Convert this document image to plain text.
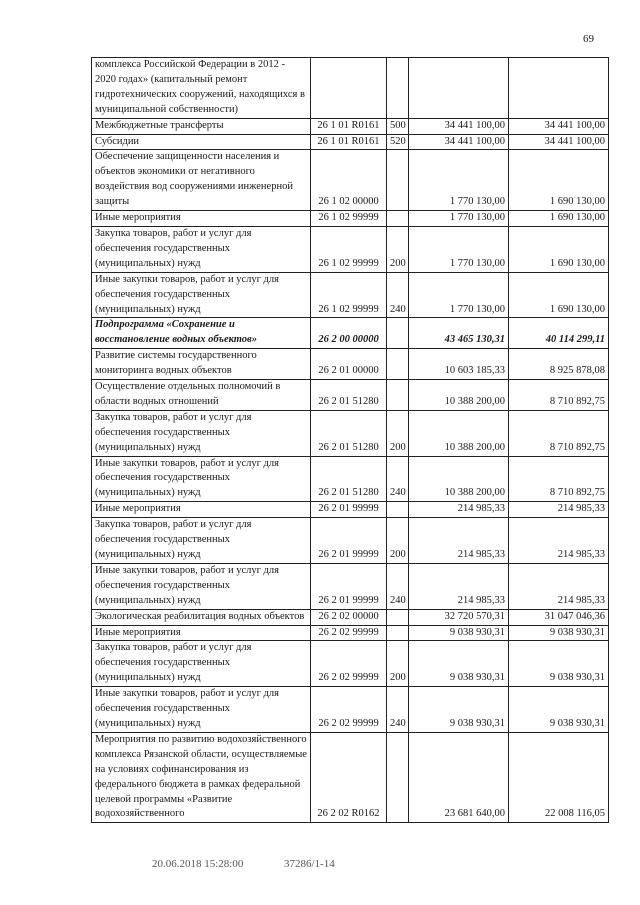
69
комплекса Российской Федерации в 2012 - 2020 годах» (капитальный ремонт гидротехнических сооружений, находящихся в муниципальной собственности)				
Межбюджетные трансферты	26 1 01 R0161	500	34 441 100,00	34 441 100,00
Субсидии	26 1 01 R0161	520	34 441 100,00	34 441 100,00
Обеспечение защищенности населения и объектов экономики от негативного воздействия вод сооружениями инженерной защиты	26 1 02 00000		1 770 130,00	1 690 130,00
Иные мероприятия	26 1 02 99999		1 770 130,00	1 690 130,00
Закупка товаров, работ и услуг для обеспечения государственных (муниципальных) нужд	26 1 02 99999	200	1 770 130,00	1 690 130,00
Иные закупки товаров, работ и услуг для обеспечения государственных (муниципальных) нужд	26 1 02 99999	240	1 770 130,00	1 690 130,00
Подпрограмма «Сохранение и восстановление водных объектов»	26 2 00 00000		43 465 130,31	40 114 299,11
Развитие системы государственного мониторинга водных объектов	26 2 01 00000		10 603 185,33	8 925 878,08
Осуществление отдельных полномочий в области водных отношений	26 2 01 51280		10 388 200,00	8 710 892,75
Закупка товаров, работ и услуг для обеспечения государственных (муниципальных) нужд	26 2 01 51280	200	10 388 200,00	8 710 892,75
Иные закупки товаров, работ и услуг для обеспечения государственных (муниципальных) нужд	26 2 01 51280	240	10 388 200,00	8 710 892,75
Иные мероприятия	26 2 01 99999		214 985,33	214 985,33
Закупка товаров, работ и услуг для обеспечения государственных (муниципальных) нужд	26 2 01 99999	200	214 985,33	214 985,33
Иные закупки товаров, работ и услуг для обеспечения государственных (муниципальных) нужд	26 2 01 99999	240	214 985,33	214 985,33
Экологическая реабилитация водных объектов	26 2 02 00000		32 720 570,31	31 047 046,36
Иные мероприятия	26 2 02 99999		9 038 930,31	9 038 930,31
Закупка товаров, работ и услуг для обеспечения государственных (муниципальных) нужд	26 2 02 99999	200	9 038 930,31	9 038 930,31
Иные закупки товаров, работ и услуг для обеспечения государственных (муниципальных) нужд	26 2 02 99999	240	9 038 930,31	9 038 930,31
Мероприятия по развитию водохозяйственного комплекса Рязанской области, осуществляемые на условиях софинансирования из федерального бюджета в рамках федеральной целевой программы «Развитие водохозяйственного	26 2 02 R0162		23 681 640,00	22 008 116,05
20.06.2018 15:28:00	37286/1-14
